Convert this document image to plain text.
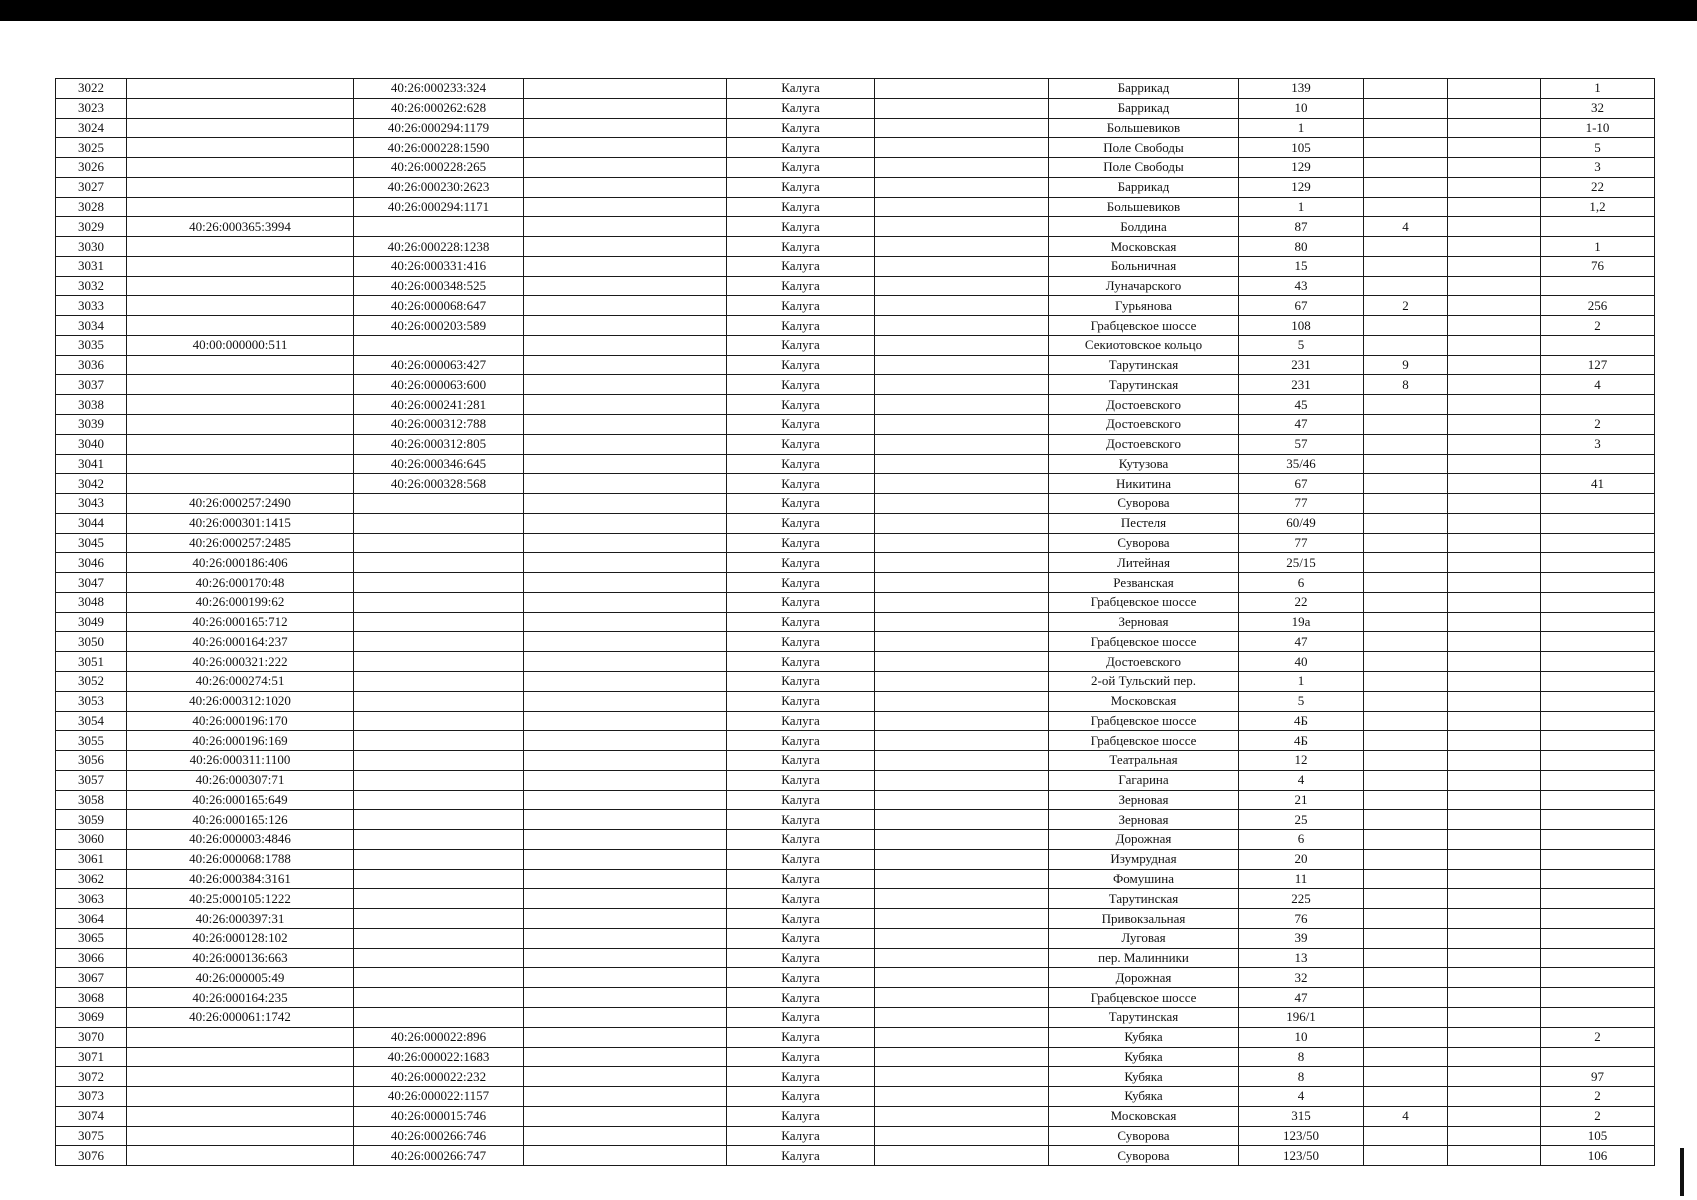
3022		40:26:000233:324		Калуга		Баррикад	139			1
3023		40:26:000262:628		Калуга		Баррикад	10			32
3024		40:26:000294:1179		Калуга		Большевиков	1			1-10
3025		40:26:000228:1590		Калуга		Поле Свободы	105			5
3026		40:26:000228:265		Калуга		Поле Свободы	129			3
3027		40:26:000230:2623		Калуга		Баррикад	129			22
3028		40:26:000294:1171		Калуга		Большевиков	1			1,2
3029	40:26:000365:3994			Калуга		Болдина	87	4		
3030		40:26:000228:1238		Калуга		Московская	80			1
3031		40:26:000331:416		Калуга		Больничная	15			76
3032		40:26:000348:525		Калуга		Луначарского	43			
3033		40:26:000068:647		Калуга		Гурьянова	67	2		256
3034		40:26:000203:589		Калуга		Грабцевское шоссе	108			2
3035	40:00:000000:511			Калуга		Секиотовское кольцо	5			
3036		40:26:000063:427		Калуга		Тарутинская	231	9		127
3037		40:26:000063:600		Калуга		Тарутинская	231	8		4
3038		40:26:000241:281		Калуга		Достоевского	45			
3039		40:26:000312:788		Калуга		Достоевского	47			2
3040		40:26:000312:805		Калуга		Достоевского	57			3
3041		40:26:000346:645		Калуга		Кутузова	35/46			
3042		40:26:000328:568		Калуга		Никитина	67			41
3043	40:26:000257:2490			Калуга		Суворова	77			
3044	40:26:000301:1415			Калуга		Пестеля	60/49			
3045	40:26:000257:2485			Калуга		Суворова	77			
3046	40:26:000186:406			Калуга		Литейная	25/15			
3047	40:26:000170:48			Калуга		Резванская	6			
3048	40:26:000199:62			Калуга		Грабцевское шоссе	22			
3049	40:26:000165:712			Калуга		Зерновая	19а			
3050	40:26:000164:237			Калуга		Грабцевское шоссе	47			
3051	40:26:000321:222			Калуга		Достоевского	40			
3052	40:26:000274:51			Калуга		2-ой Тульский пер.	1			
3053	40:26:000312:1020			Калуга		Московская	5			
3054	40:26:000196:170			Калуга		Грабцевское шоссе	4Б			
3055	40:26:000196:169			Калуга		Грабцевское шоссе	4Б			
3056	40:26:000311:1100			Калуга		Театральная	12			
3057	40:26:000307:71			Калуга		Гагарина	4			
3058	40:26:000165:649			Калуга		Зерновая	21			
3059	40:26:000165:126			Калуга		Зерновая	25			
3060	40:26:000003:4846			Калуга		Дорожная	6			
3061	40:26:000068:1788			Калуга		Изумрудная	20			
3062	40:26:000384:3161			Калуга		Фомушина	11			
3063	40:25:000105:1222			Калуга		Тарутинская	225			
3064	40:26:000397:31			Калуга		Привокзальная	76			
3065	40:26:000128:102			Калуга		Луговая	39			
3066	40:26:000136:663			Калуга		пер. Малинники	13			
3067	40:26:000005:49			Калуга		Дорожная	32			
3068	40:26:000164:235			Калуга		Грабцевское шоссе	47			
3069	40:26:000061:1742			Калуга		Тарутинская	196/1			
3070		40:26:000022:896		Калуга		Кубяка	10			2
3071		40:26:000022:1683		Калуга		Кубяка	8			
3072		40:26:000022:232		Калуга		Кубяка	8			97
3073		40:26:000022:1157		Калуга		Кубяка	4			2
3074		40:26:000015:746		Калуга		Московская	315	4		2
3075		40:26:000266:746		Калуга		Суворова	123/50			105
3076		40:26:000266:747		Калуга		Суворова	123/50			106
